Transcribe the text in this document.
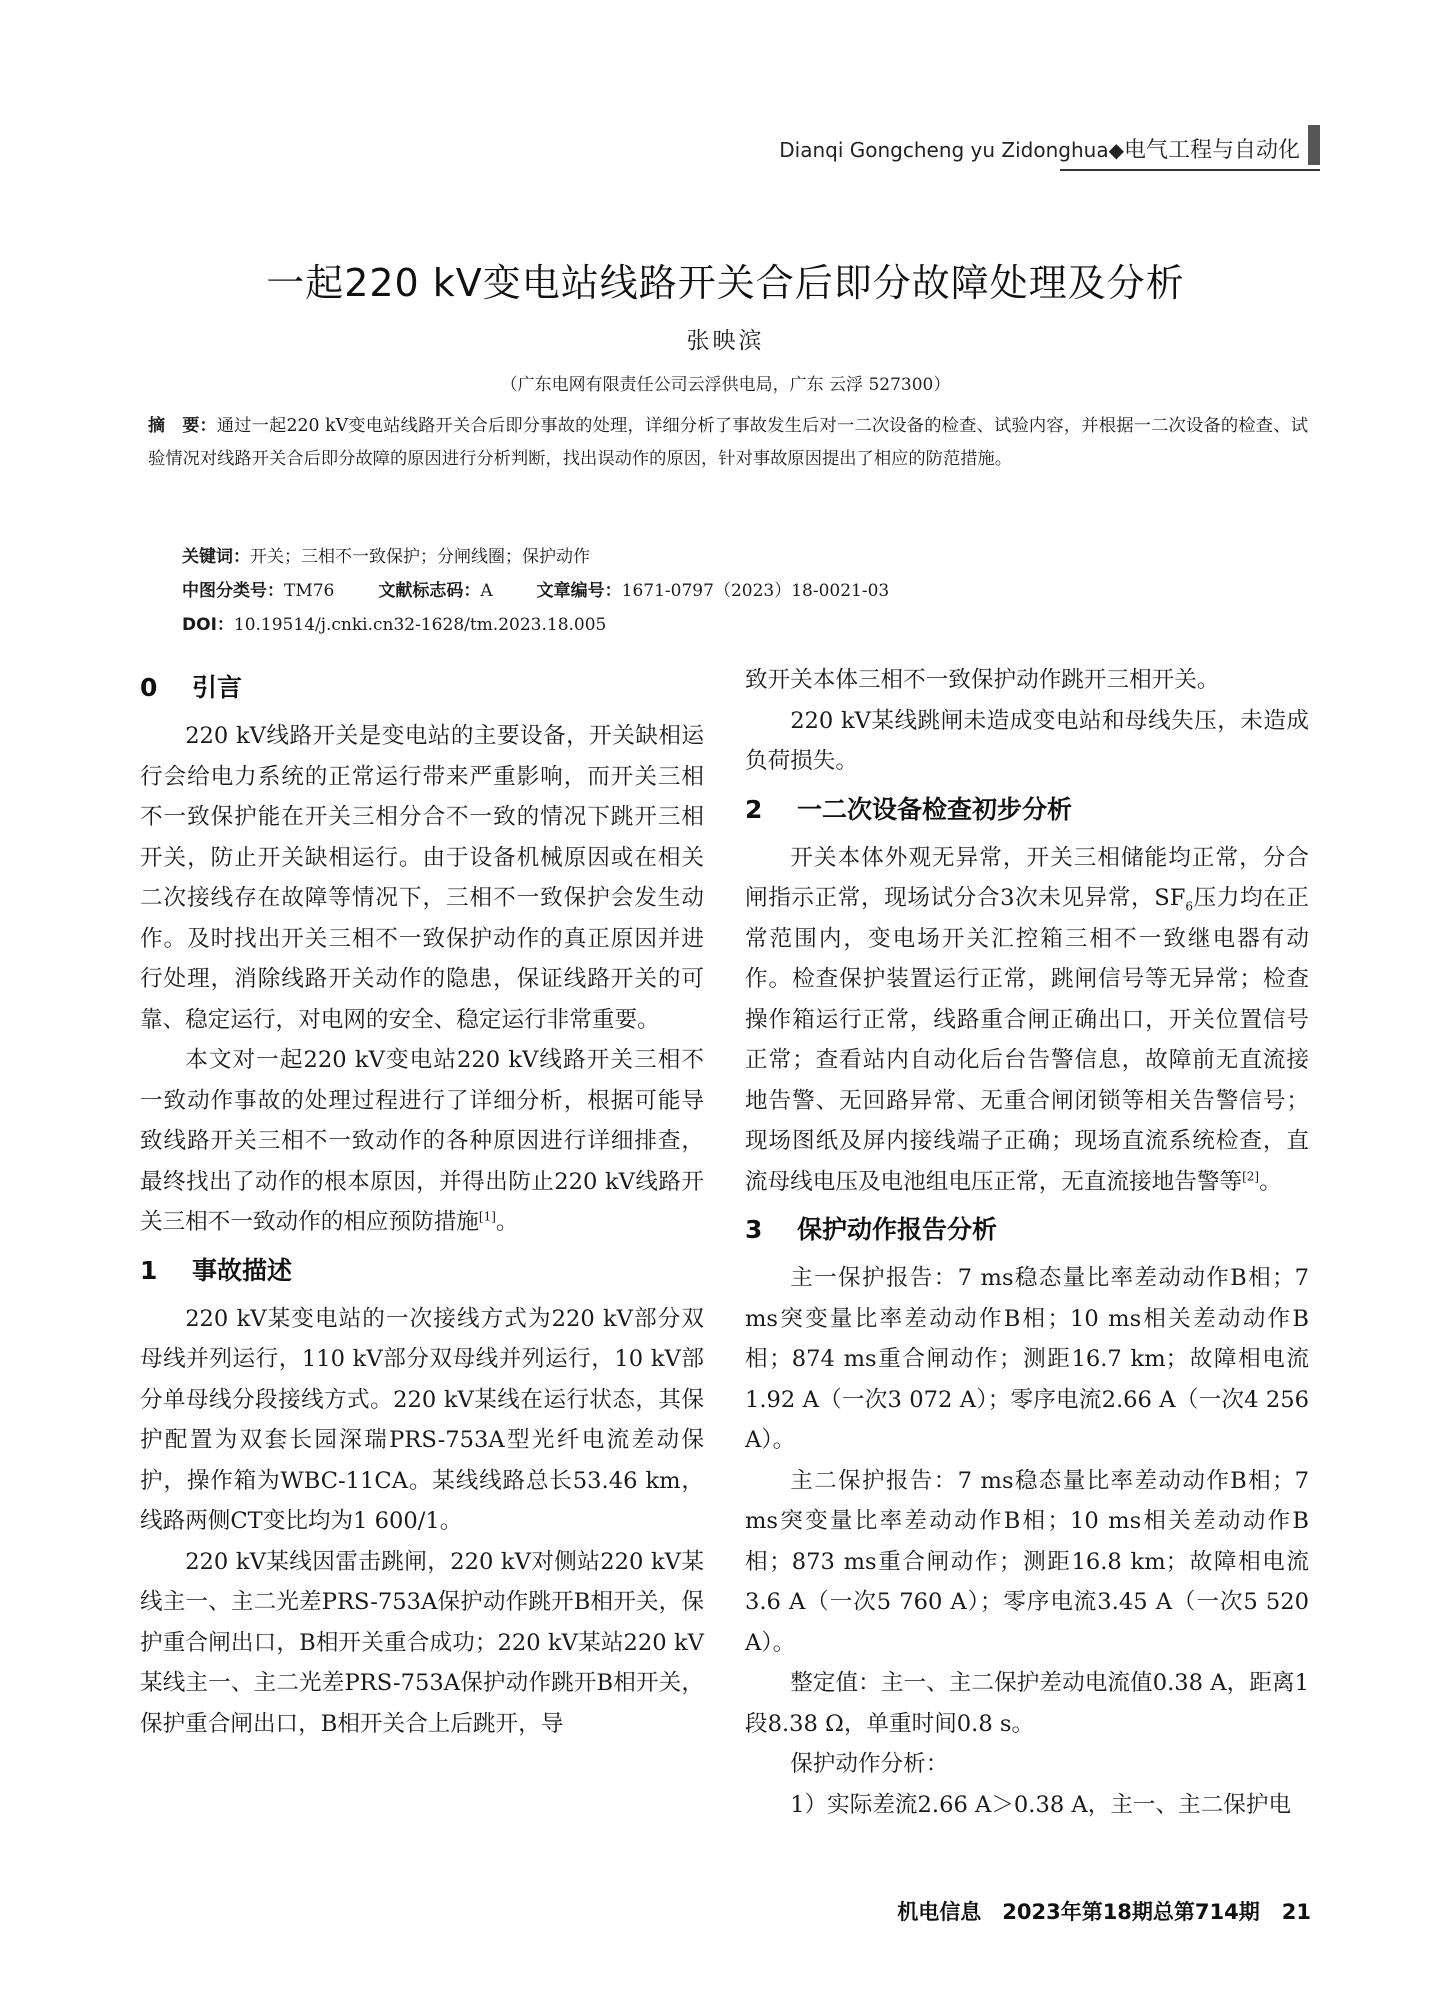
Dianqi Gongcheng yu Zidonghua◆电气工程与自动化
一起220 kV变电站线路开关合后即分故障处理及分析
张映滨
（广东电网有限责任公司云浮供电局，广东 云浮 527300）
摘　要：通过一起220 kV变电站线路开关合后即分事故的处理，详细分析了事故发生后对一二次设备的检查、试验内容，并根据一二次设备的检查、试验情况对线路开关合后即分故障的原因进行分析判断，找出误动作的原因，针对事故原因提出了相应的防范措施。
关键词：开关；三相不一致保护；分闸线圈；保护动作
中图分类号：TM76	文献标志码：A	文章编号：1671-0797（2023）18-0021-03
DOI：10.19514/j.cnki.cn32-1628/tm.2023.18.005
0 引言

220 kV线路开关是变电站的主要设备，开关缺相运行会给电力系统的正常运行带来严重影响，而开关三相不一致保护能在开关三相分合不一致的情况下跳开三相开关，防止开关缺相运行。由于设备机械原因或在相关二次接线存在故障等情况下，三相不一致保护会发生动作。及时找出开关三相不一致保护动作的真正原因并进行处理，消除线路开关动作的隐患，保证线路开关的可靠、稳定运行，对电网的安全、稳定运行非常重要。

本文对一起220 kV变电站220 kV线路开关三相不一致动作事故的处理过程进行了详细分析，根据可能导致线路开关三相不一致动作的各种原因进行详细排查，最终找出了动作的根本原因，并得出防止220 kV线路开关三相不一致动作的相应预防措施[1]。

1 事故描述

220 kV某变电站的一次接线方式为220 kV部分双母线并列运行，110 kV部分双母线并列运行，10 kV部分单母线分段接线方式。220 kV某线在运行状态，其保护配置为双套长园深瑞PRS-753A型光纤电流差动保护，操作箱为WBC-11CA。某线线路总长53.46 km，线路两侧CT变比均为1 600/1。

220 kV某线因雷击跳闸，220 kV对侧站220 kV某线主一、主二光差PRS-753A保护动作跳开B相开关，保护重合闸出口，B相开关重合成功；220 kV某站220 kV某线主一、主二光差PRS-753A保护动作跳开B相开关，保护重合闸出口，B相开关合上后跳开，导

致开关本体三相不一致保护动作跳开三相开关。

220 kV某线跳闸未造成变电站和母线失压，未造成负荷损失。

2 一二次设备检查初步分析

开关本体外观无异常，开关三相储能均正常，分合闸指示正常，现场试分合3次未见异常，$SF_6$压力均在正常范围内，变电场开关汇控箱三相不一致继电器有动作。检查保护装置运行正常，跳闸信号等无异常；检查操作箱运行正常，线路重合闸正确出口，开关位置信号正常；查看站内自动化后台告警信息，故障前无直流接地告警、无回路异常、无重合闸闭锁等相关告警信号；现场图纸及屏内接线端子正确；现场直流系统检查，直流母线电压及电池组电压正常，无直流接地告警等[2]。

3 保护动作报告分析

主一保护报告：7 ms稳态量比率差动动作B相；7 ms突变量比率差动动作B相；10 ms相关差动动作B相；874 ms重合闸动作；测距16.7 km；故障相电流1.92 A（一次3 072 A）；零序电流2.66 A（一次4 256 A）。

主二保护报告：7 ms稳态量比率差动动作B相；7 ms突变量比率差动动作B相；10 ms相关差动动作B相；873 ms重合闸动作；测距16.8 km；故障相电流3.6 A（一次5 760 A）；零序电流3.45 A（一次5 520 A）。

整定值：主一、主二保护差动电流值0.38 A，距离1段8.38 Ω，单重时间0.8 s。

保护动作分析：

1）实际差流2.66 A＞0.38 A，主一、主二保护电

机电信息　2023年第18期总第714期 21
